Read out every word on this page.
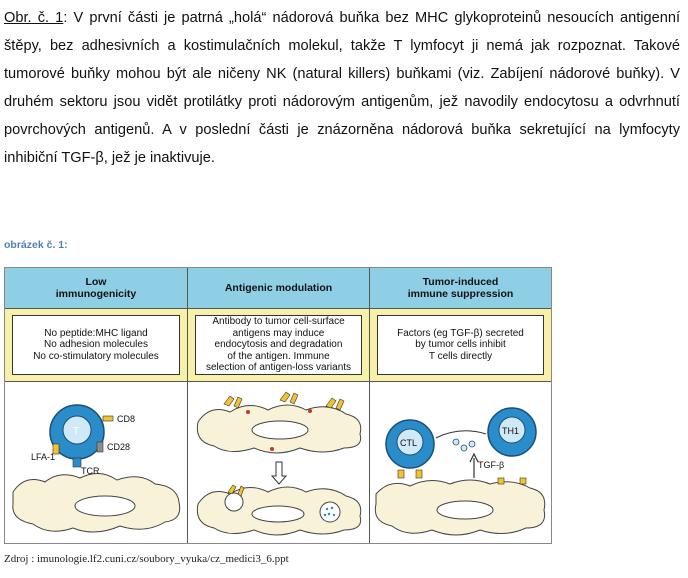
Obr. č. 1: V první části je patrná „holá“ nádorová buňka bez MHC glykoproteinů nesoucích antigenní štěpy, bez adhesivních a kostimulačních molekul, takže T lymfocyt ji nemá jak rozpoznat. Takové tumorové buňky mohou být ale ničeny NK (natural killers) buňkami (viz. Zabíjení nádorové buňky). V druhém sektoru jsou vidět protilátky proti nádorovým antigenům, jež navodily endocytosu a odvrhnutí povrchových antigenů. A v poslední části je znázorněna nádorová buňka sekretující na lymfocyty inhibiční TGF-β, jež je inaktivuje.

obrázek č. 1:
Low
immunogenicity
No peptide:MHC ligand
No adhesion molecules
No co-stimulatory molecules
T
CD8
CD28
LFA-1
TCR
Antigenic modulation
Antibody to tumor cell-surface
antigens may induce
endocytosis and degradation
of the antigen. Immune
selection of antigen-loss variants
Tumor-induced
immune suppression
Factors (eg TGF-β) secreted
by tumor cells inhibit
T cells directly
CTL
TH1
TGF-β
Zdroj : imunologie.lf2.cuni.cz/soubory_vyuka/cz_medici3_6.ppt
